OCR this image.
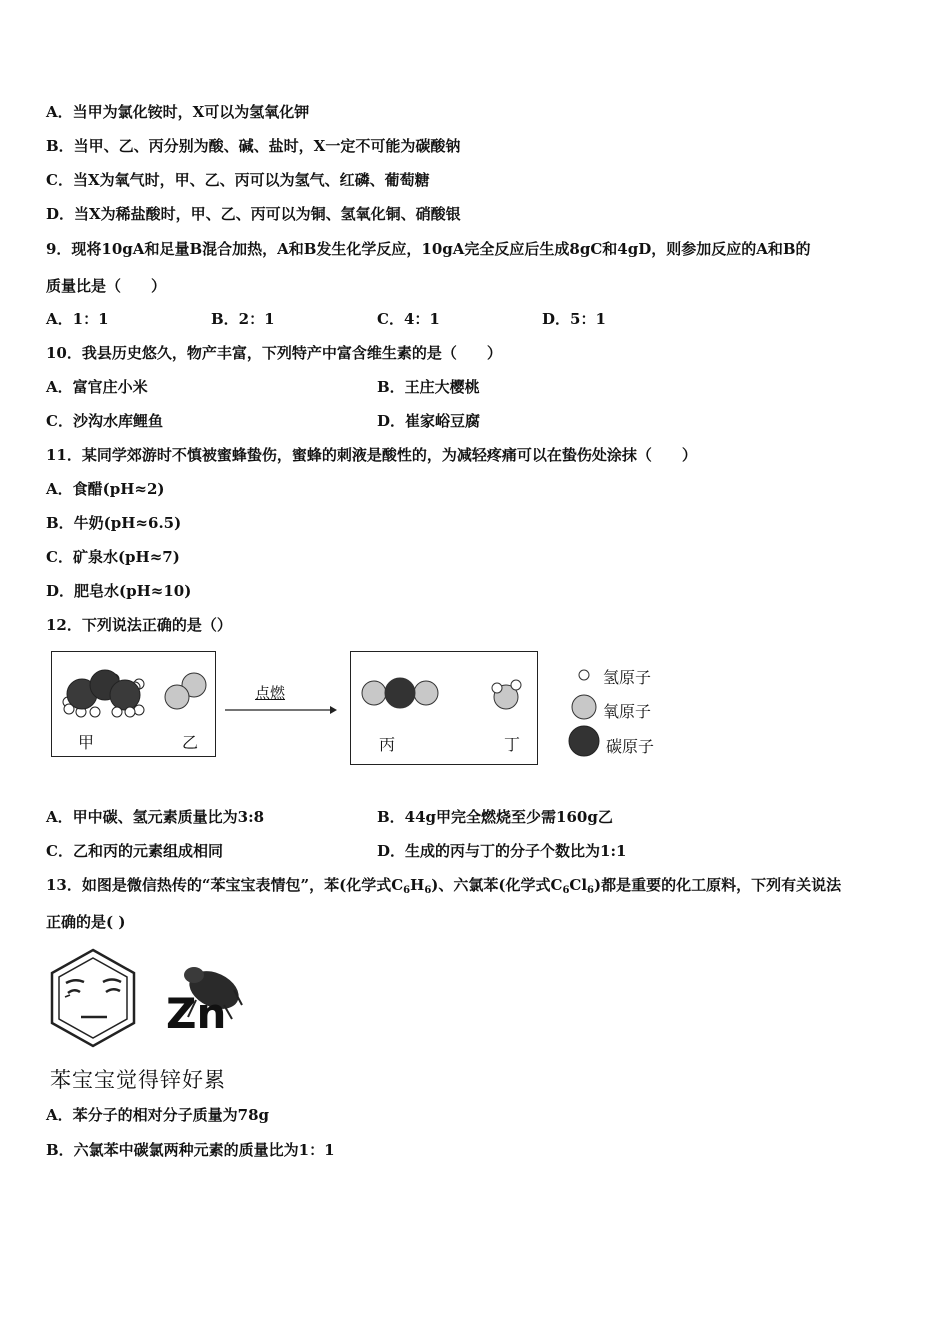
A．当甲为氯化铵时，X可以为氢氧化钾
B．当甲、乙、丙分别为酸、碱、盐时，X一定不可能为碳酸钠
C．当X为氧气时，甲、乙、丙可以为氢气、红磷、葡萄糖
D．当X为稀盐酸时，甲、乙、丙可以为铜、氢氧化铜、硝酸银
9．现将10gA和足量B混合加热，A和B发生化学反应，10gA完全反应后生成8gC和4gD，则参加反应的A和B的
质量比是（　　）
A．1：1	B．2：1	C．4：1	D．5：1
10．我县历史悠久，物产丰富，下列特产中富含维生素的是（　　）
A．富官庄小米	B．王庄大樱桃
C．沙沟水库鲤鱼	D．崔家峪豆腐
11．某同学郊游时不慎被蜜蜂蛰伤，蜜蜂的刺液是酸性的，为减轻疼痛可以在蛰伤处涂抹（　　）
A．食醋(pH≈2)
B．牛奶(pH≈6.5)
C．矿泉水(pH≈7)
D．肥皂水(pH≈10)
12．下列说法正确的是（）
甲	乙
点燃
丙	丁
氢原子
氧原子
碳原子
A．甲中碳、氢元素质量比为3:8	B．44g甲完全燃烧至少需160g乙
C．乙和丙的元素组成相同	D．生成的丙与丁的分子个数比为1:1
13．如图是微信热传的“苯宝宝表情包”，苯(化学式$C_6H_6$)、六氯苯(化学式$C_6Cl_6$)都是重要的化工原料，下列有关说法
正确的是( )
Zn
苯宝宝觉得锌好累
A．苯分子的相对分子质量为78g
B．六氯苯中碳氯两种元素的质量比为1：1
